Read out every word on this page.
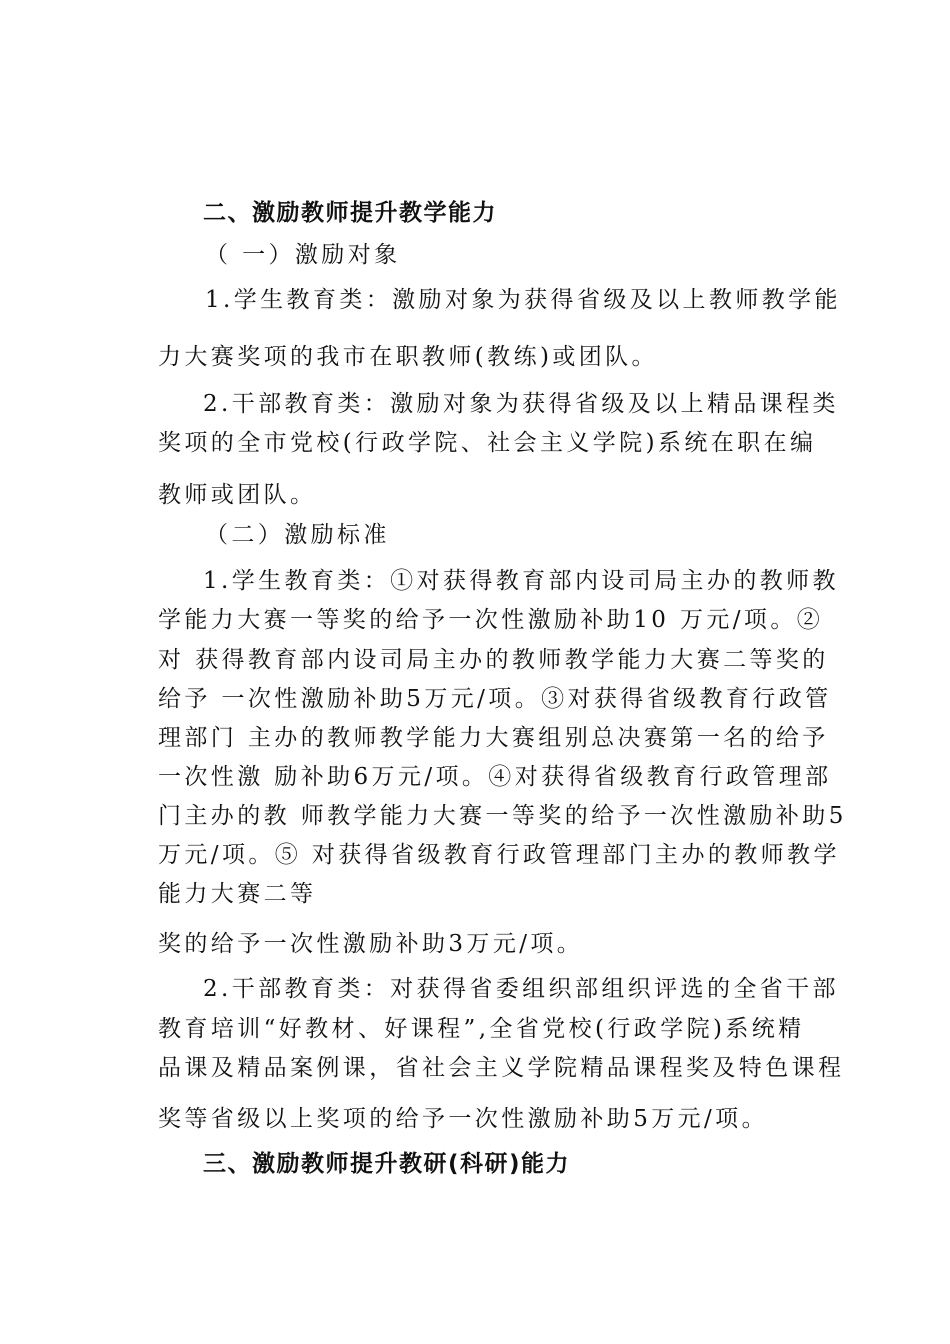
二、激励教师提升教学能力
（ 一）激励对象
1.学生教育类：激励对象为获得省级及以上教师教学能
力大赛奖项的我市在职教师(教练)或团队。
2.干部教育类：激励对象为获得省级及以上精品课程类
奖项的全市党校(行政学院、社会主义学院)系统在职在编
教师或团队。
（二）激励标准
1.学生教育类：①对获得教育部内设司局主办的教师教
学能力大赛一等奖的给予一次性激励补助10 万元/项。②
对 获得教育部内设司局主办的教师教学能力大赛二等奖的
给予 一次性激励补助5万元/项。③对获得省级教育行政管
理部门 主办的教师教学能力大赛组别总决赛第一名的给予
一次性激 励补助6万元/项。④对获得省级教育行政管理部
门主办的教 师教学能力大赛一等奖的给予一次性激励补助5
万元/项。⑤ 对获得省级教育行政管理部门主办的教师教学
能力大赛二等
奖的给予一次性激励补助3万元/项。
2.干部教育类：对获得省委组织部组织评选的全省干部
教育培训“好教材、好课程”,全省党校(行政学院)系统精
品课及精品案例课，省社会主义学院精品课程奖及特色课程
奖等省级以上奖项的给予一次性激励补助5万元/项。
三、激励教师提升教研(科研)能力
